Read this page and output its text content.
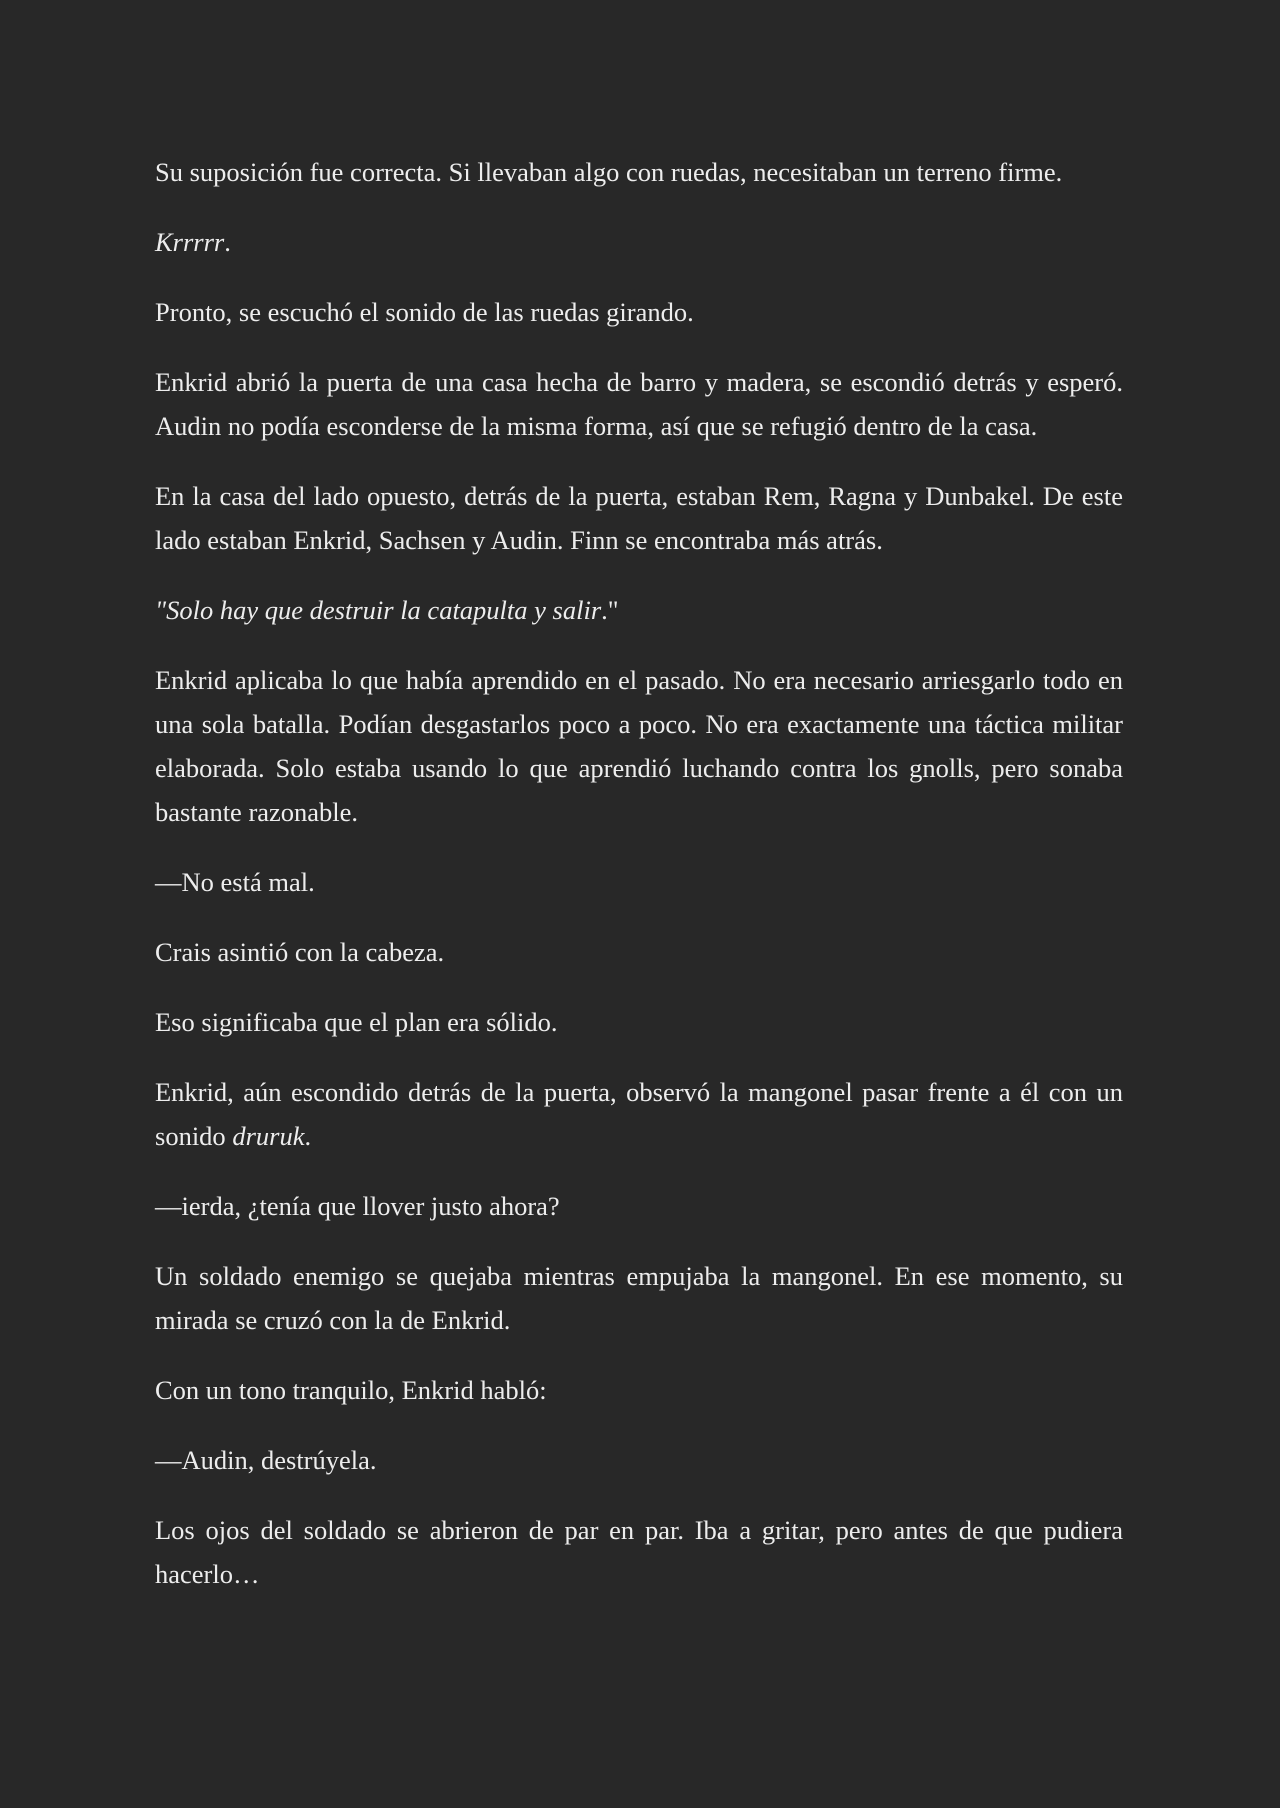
Su suposición fue correcta. Si llevaban algo con ruedas, necesitaban un terreno firme.

Krrrrr.

Pronto, se escuchó el sonido de las ruedas girando.

Enkrid abrió la puerta de una casa hecha de barro y madera, se escondió detrás y esperó. Audin no podía esconderse de la misma forma, así que se refugió dentro de la casa.

En la casa del lado opuesto, detrás de la puerta, estaban Rem, Ragna y Dunbakel. De este lado estaban Enkrid, Sachsen y Audin. Finn se encontraba más atrás.

"Solo hay que destruir la catapulta y salir."

Enkrid aplicaba lo que había aprendido en el pasado. No era necesario arriesgarlo todo en una sola batalla. Podían desgastarlos poco a poco. No era exactamente una táctica militar elaborada. Solo estaba usando lo que aprendió luchando contra los gnolls, pero sonaba bastante razonable.

—No está mal.

Crais asintió con la cabeza.

Eso significaba que el plan era sólido.

Enkrid, aún escondido detrás de la puerta, observó la mangonel pasar frente a él con un sonido druruk.

—ierda, ¿tenía que llover justo ahora?

Un soldado enemigo se quejaba mientras empujaba la mangonel. En ese momento, su mirada se cruzó con la de Enkrid.

Con un tono tranquilo, Enkrid habló:

—Audin, destrúyela.

Los ojos del soldado se abrieron de par en par. Iba a gritar, pero antes de que pudiera hacerlo…
